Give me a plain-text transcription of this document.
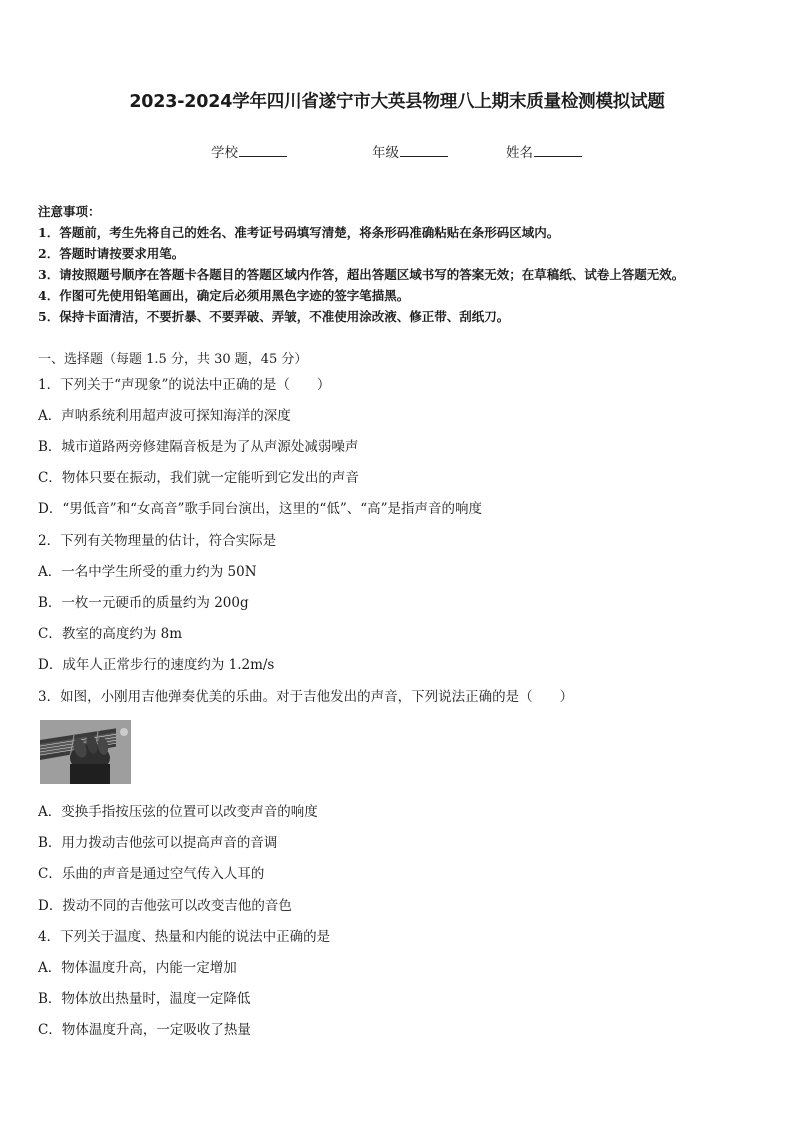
2023-2024学年四川省遂宁市大英县物理八上期末质量检测模拟试题
学校	年级	姓名
注意事项：
1．答题前，考生先将自己的姓名、准考证号码填写清楚，将条形码准确粘贴在条形码区域内。
2．答题时请按要求用笔。
3．请按照题号顺序在答题卡各题目的答题区域内作答，超出答题区域书写的答案无效；在草稿纸、试卷上答题无效。
4．作图可先使用铅笔画出，确定后必须用黑色字迹的签字笔描黑。
5．保持卡面清洁，不要折暴、不要弄破、弄皱，不准使用涂改液、修正带、刮纸刀。
一、选择题（每题 1.5 分，共 30 题，45 分）
1．下列关于“声现象”的说法中正确的是（　　）
A．声呐系统利用超声波可探知海洋的深度
B．城市道路两旁修建隔音板是为了从声源处减弱噪声
C．物体只要在振动，我们就一定能听到它发出的声音
D．“男低音”和“女高音”歌手同台演出，这里的“低”、“高”是指声音的响度
2．下列有关物理量的估计，符合实际是
A．一名中学生所受的重力约为 50N
B．一枚一元硬币的质量约为 200g
C．教室的高度约为 8m
D．成年人正常步行的速度约为 1.2m/s
3．如图，小刚用吉他弹奏优美的乐曲。对于吉他发出的声音，下列说法正确的是（　　）
A．变换手指按压弦的位置可以改变声音的响度
B．用力拨动吉他弦可以提高声音的音调
C．乐曲的声音是通过空气传入人耳的
D．拨动不同的吉他弦可以改变吉他的音色
4．下列关于温度、热量和内能的说法中正确的是
A．物体温度升高，内能一定增加
B．物体放出热量时，温度一定降低
C．物体温度升高，一定吸收了热量
